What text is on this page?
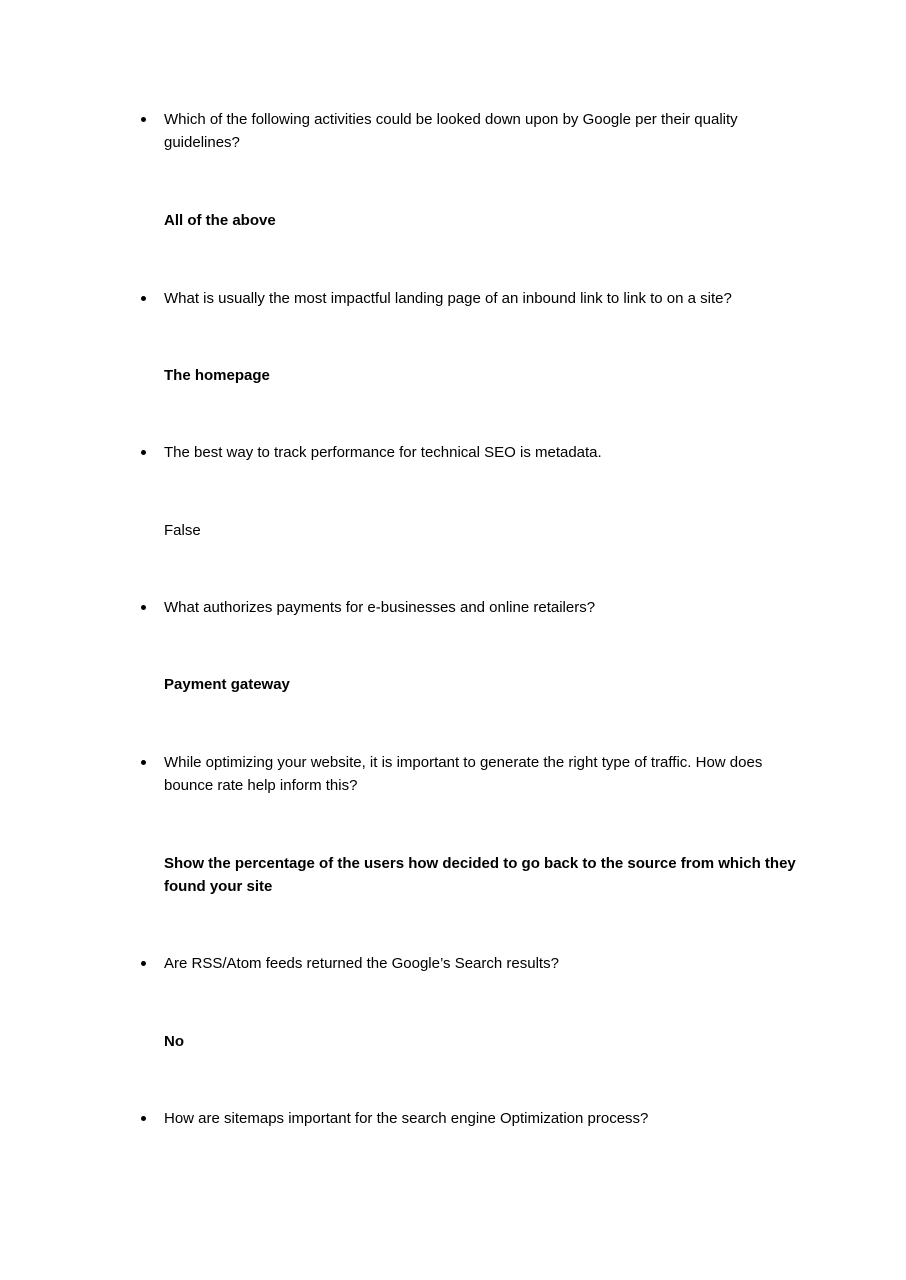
Which of the following activities could be looked down upon by Google per their quality guidelines?
All of the above
What is usually the most impactful landing page of an inbound link to link to on a site?
The homepage
The best way to track performance for technical SEO is metadata.
False
What authorizes payments for e-businesses and online retailers?
Payment gateway
While optimizing your website, it is important to generate the right type of traffic. How does bounce rate help inform this?
Show the percentage of the users how decided to go back to the source from which they found your site
Are RSS/Atom feeds returned the Google’s Search results?
No
How are sitemaps important for the search engine Optimization process?
